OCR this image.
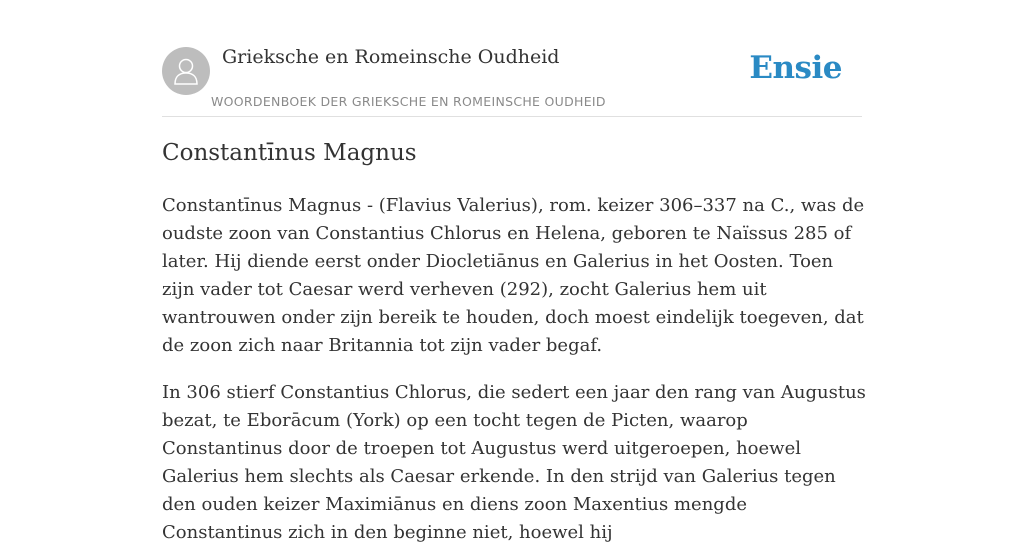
Grieksche en Romeinsche Oudheid
WOORDENBOEK DER GRIEKSCHE EN ROMEINSCHE OUDHEID
Ensie
Constantīnus Magnus

Constantīnus Magnus - (Flavius Valerius), rom. keizer 306–337 na C., was de oudste zoon van Constantius Chlorus en Helena, geboren te Naïssus 285 of later. Hij diende eerst onder Diocletiānus en Galerius in het Oosten. Toen zijn vader tot Caesar werd verheven (292), zocht Galerius hem uit wantrouwen onder zijn bereik te houden, doch moest eindelijk toegeven, dat de zoon zich naar Britannia tot zijn vader begaf.

In 306 stierf Constantius Chlorus, die sedert een jaar den rang van Augustus bezat, te Eborācum (York) op een tocht tegen de Picten, waarop Constantinus door de troepen tot Augustus werd uitgeroepen, hoewel Galerius hem slechts als Caesar erkende. In den strijd van Galerius tegen den ouden keizer Maximiānus en diens zoon Maxentius mengde Constantinus zich in den beginne niet, hoewel hij
